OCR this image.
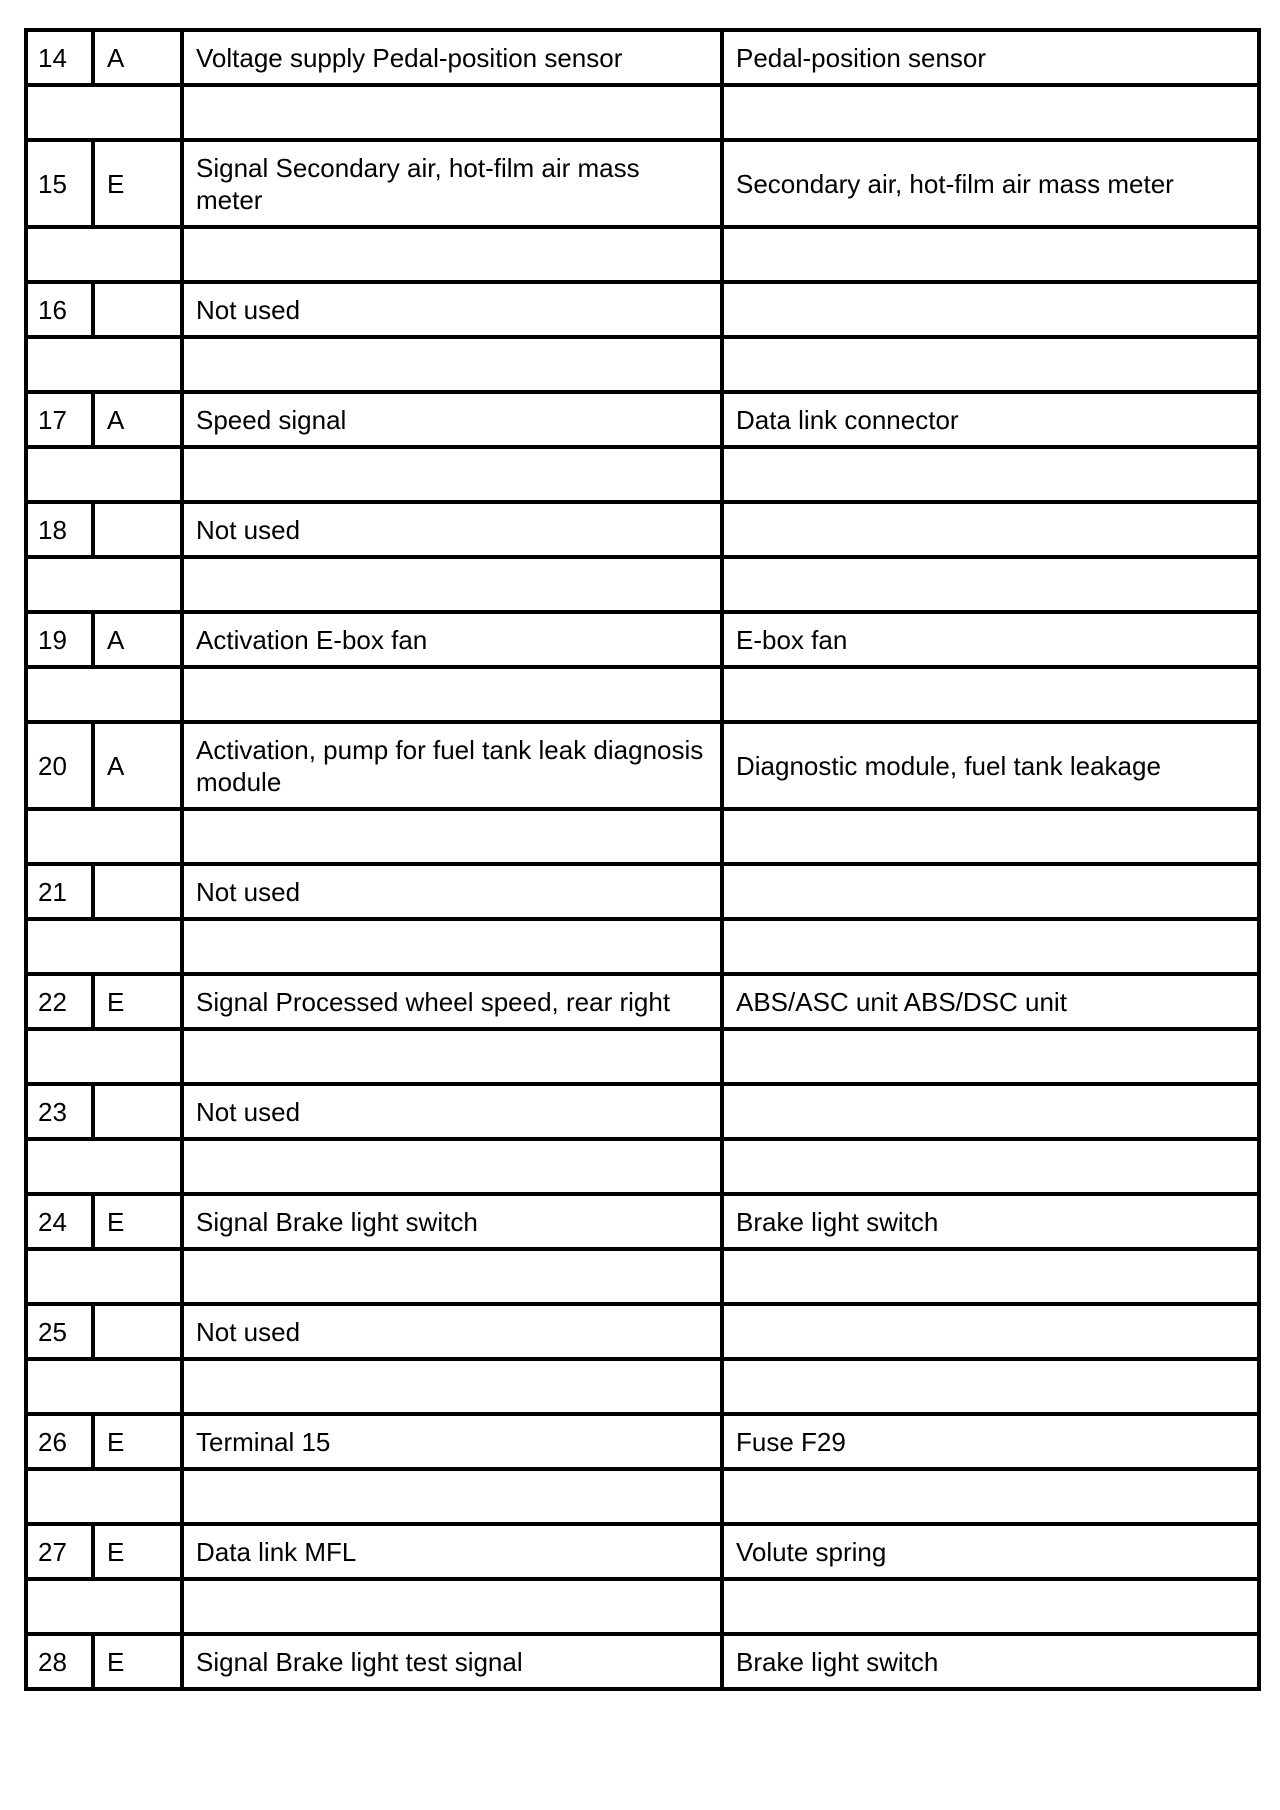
14	A	Voltage supply Pedal-position sensor	Pedal-position sensor

15	E	Signal Secondary air, hot-film air mass meter	Secondary air, hot-film air mass meter

16		Not used	

17	A	Speed signal	Data link connector

18		Not used	

19	A	Activation E-box fan	E-box fan

20	A	Activation, pump for fuel tank leak diagnosis module	Diagnostic module, fuel tank leakage

21		Not used	

22	E	Signal Processed wheel speed, rear right	ABS/ASC unit ABS/DSC unit

23		Not used	

24	E	Signal Brake light switch	Brake light switch

25		Not used	

26	E	Terminal 15	Fuse F29

27	E	Data link MFL	Volute spring

28	E	Signal Brake light test signal	Brake light switch
